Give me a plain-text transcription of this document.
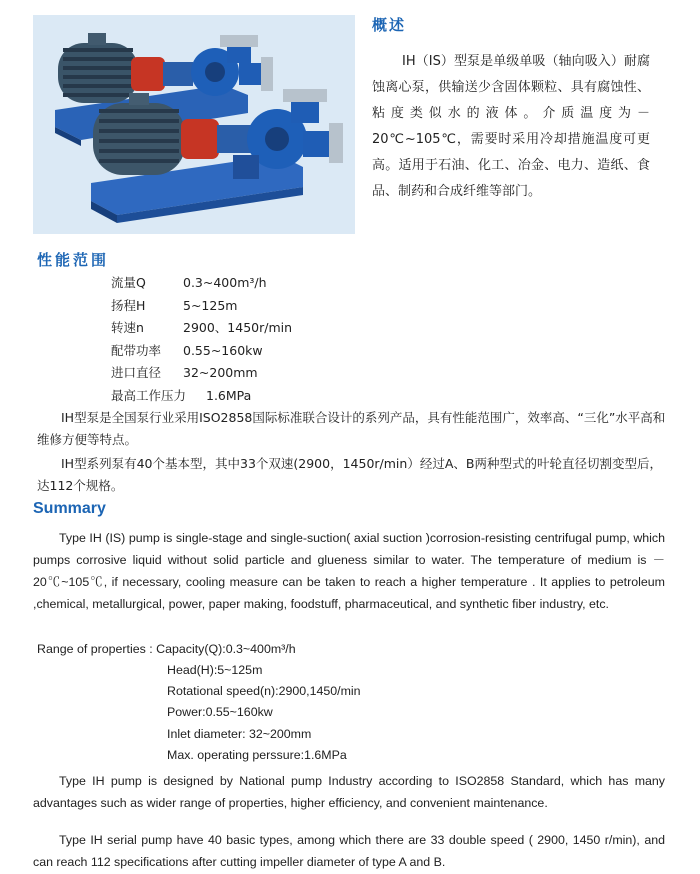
概述

IH（IS）型泵是单级单吸（轴向吸入）耐腐蚀离心泵，供输送少含固体颗粒、具有腐蚀性、粘度类似水的液体。介质温度为－20℃~105℃，需要时采用冷却措施温度可更高。适用于石油、化工、冶金、电力、造纸、食品、制药和合成纤维等部门。

性能范围
流量Q	0.3~400m³/h
扬程H	5~125m
转速n	2900、1450r/min
配带功率 0.55~160kw
进口直径 32~200mm
最高工作压力 1.6MPa

IH型泵是全国泵行业采用ISO2858国际标准联合设计的系列产品，具有性能范围广，效率高、“三化”水平高和维修方便等特点。

IH型系列泵有40个基本型，其中33个双速(2900，1450r/min）经过A、B两种型式的叶轮直径切割变型后，达112个规格。

Summary

Type IH (IS) pump is single-stage and single-suction( axial suction )corrosion-resisting centrifugal pump, which pumps corrosive liquid without solid particle and glueness similar to water. The temperature of medium is －20℃~105℃, if necessary, cooling measure can be taken to reach a higher temperature . It applies to petroleum ,chemical, metallurgical, power, paper making, foodstuff, pharmaceutical, and synthetic fiber industry, etc.

Range of properties : Capacity(Q):0.3~400m³/h
Head(H):5~125m
Rotational speed(n):2900,1450/min
Power:0.55~160kw
Inlet diameter: 32~200mm
Max. operating perssure:1.6MPa

Type IH pump is designed by National pump Industry according to ISO2858 Standard, which has many advantages such as wider range of properties, higher efficiency, and convenient maintenance.

Type IH serial pump have 40 basic types, among which there are 33 double speed ( 2900, 1450 r/min), and can reach 112 specifications after cutting impeller diameter of type A and B.
